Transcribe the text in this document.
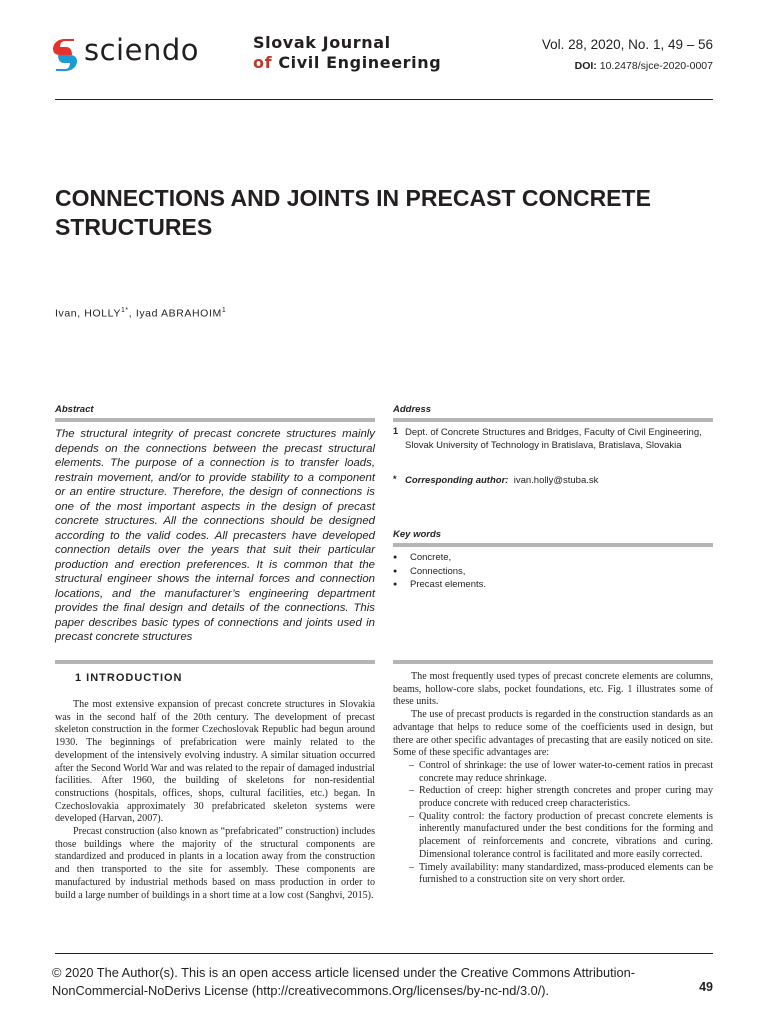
sciendo	Slovak Journal
of Civil Engineering
Vol. 28, 2020, No. 1, 49 – 56
DOI: 10.2478/sjce-2020-0007
CONNECTIONS AND JOINTS IN PRECAST CONCRETE STRUCTURES
Ivan, $HOLLY^{1*}$, Iyad ABRAHOIM$^1$
Abstract

The structural integrity of precast concrete structures mainly depends on the connections between the precast structural elements. The purpose of a connection is to transfer loads, restrain movement, and/or to provide stability to a component or an entire structure. Therefore, the design of connections is one of the most important aspects in the design of precast concrete structures. All the connections should be designed according to the valid codes. All precasters have developed connection details over the years that suit their particular production and erection preferences. It is common that the structural engineer shows the internal forces and connection locations, and the manufacturer’s engineering department provides the final design and details of the connections. This paper describes basic types of connections and joints used in precast concrete structures

Address
1 Dept. of Concrete Structures and Bridges, Faculty of Civil Engineering, Slovak University of Technology in Bratislava, Bratislava, Slovakia
* Corresponding author: ivan.holly@stuba.sk
Key words
● Concrete,
● Connections,
● Precast elements.
1 INTRODUCTION

The most extensive expansion of precast concrete structures in Slovakia was in the second half of the 20th century. The development of precast skeleton construction in the former Czechoslovak Republic had begun around 1930. The beginnings of prefabrication were mainly related to the development of the intensively evolving industry. A similar situation occurred after the Second World War and was related to the repair of damaged industrial facilities. After 1960, the building of skeletons for non-residential constructions (hospitals, offices, shops, cultural facilities, etc.) began. In Czechoslovakia approximately 30 prefabricated skeleton systems were developed (Harvan, 2007).

Precast construction (also known as “prefabricated” construction) includes those buildings where the majority of the structural components are standardized and produced in plants in a location away from the construction and then transported to the site for assembly. These components are manufactured by industrial methods based on mass production in order to build a large number of buildings in a short time at a low cost (Sanghvi, 2015).

The most frequently used types of precast concrete elements are columns, beams, hollow-core slabs, pocket foundations, etc. Fig. 1 illustrates some of these units.

The use of precast products is regarded in the construction standards as an advantage that helps to reduce some of the coefficients used in design, but there are other specific advantages of precasting that are easily noticed on site. Some of these specific advantages are:

– Control of shrinkage: the use of lower water-to-cement ratios in precast concrete may reduce shrinkage.
– Reduction of creep: higher strength concretes and proper curing may produce concrete with reduced creep characteristics.
– Quality control: the factory production of precast concrete elements is inherently manufactured under the best conditions for the forming and placement of reinforcements and concrete, vibrations and curing. Dimensional tolerance control is facilitated and more easily corrected.
– Timely availability: many standardized, mass-produced elements can be furnished to a construction site on very short order.
© 2020 The Author(s). This is an open access article licensed under the Creative Commons Attribution-NonCommercial-NoDerivs License (http://creativecommons.Org/licenses/by-nc-nd/3.0/).	49
